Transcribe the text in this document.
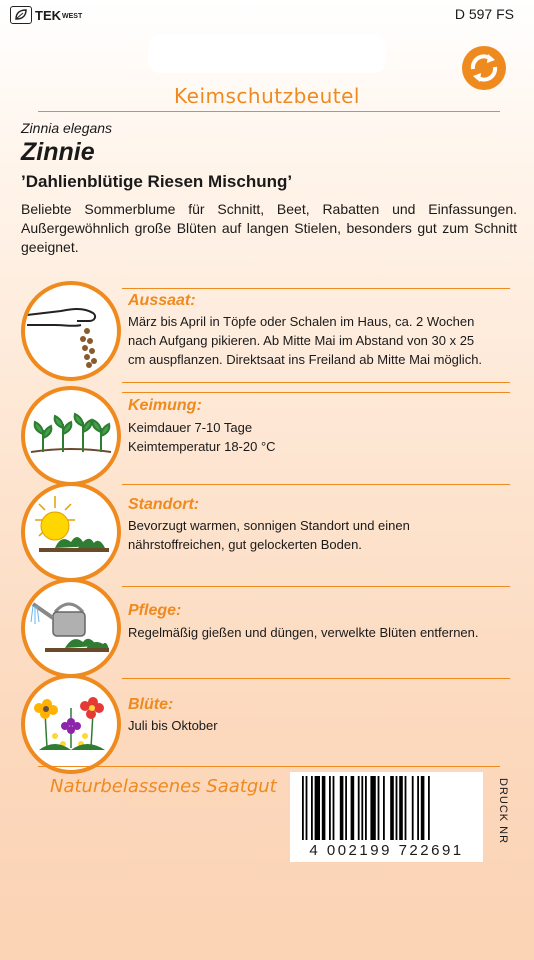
TEK WEST	D 597 FS
Keimschutzbeutel
Zinnia elegans
Zinnie
’Dahlienblütige Riesen Mischung’
Beliebte Sommerblume für Schnitt, Beet, Rabatten und Einfassungen. Außergewöhnlich große Blüten auf langen Stielen, besonders gut zum Schnitt geeignet.
Aussaat:
März bis April in Töpfe oder Schalen im Haus, ca. 2 Wochen nach Aufgang pikieren. Ab Mitte Mai im Abstand von 30 x 25 cm auspflanzen. Direktsaat ins Freiland ab Mitte Mai möglich.
Keimung:
Keimdauer 7-10 Tage
Keimtemperatur 18-20 °C
Standort:
Bevorzugt warmen, sonnigen Standort und einen nährstoffreichen, gut gelockerten Boden.
Pflege:
Regelmäßig gießen und düngen, verwelkte Blüten entfernen.
Blüte:
Juli bis Oktober
Naturbelassenes Saatgut
4 002199 722691
DRUCK NR
